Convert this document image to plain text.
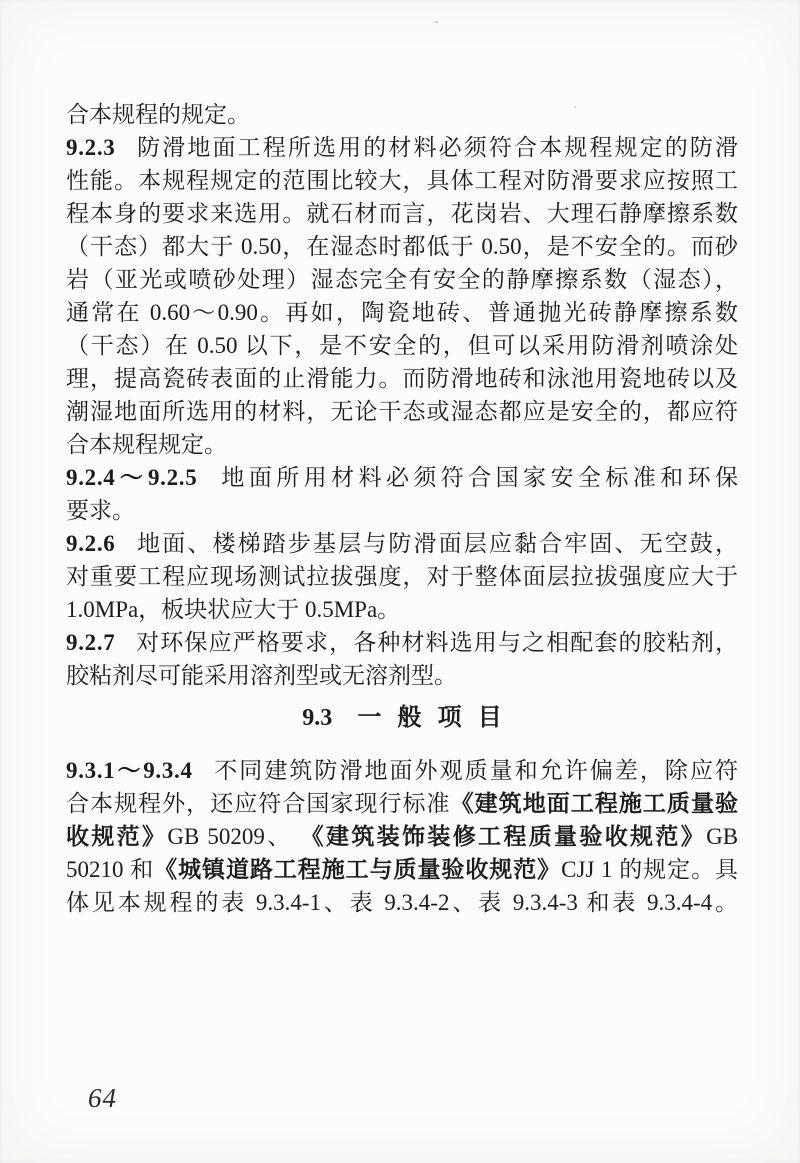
合本规程的规定。
9.2.3 防滑地面工程所选用的材料必须符合本规程规定的防滑
性能。本规程规定的范围比较大，具体工程对防滑要求应按照工
程本身的要求来选用。就石材而言，花岗岩、大理石静摩擦系数
（干态）都大于 0.50，在湿态时都低于 0.50，是不安全的。而砂
岩（亚光或喷砂处理）湿态完全有安全的静摩擦系数（湿态），
通常在 0.60～0.90。再如，陶瓷地砖、普通抛光砖静摩擦系数
（干态）在 0.50 以下，是不安全的，但可以采用防滑剂喷涂处
理，提高瓷砖表面的止滑能力。而防滑地砖和泳池用瓷地砖以及
潮湿地面所选用的材料，无论干态或湿态都应是安全的，都应符
合本规程规定。
9.2.4～9.2.5 地面所用材料必须符合国家安全标准和环保
要求。
9.2.6 地面、楼梯踏步基层与防滑面层应黏合牢固、无空鼓，
对重要工程应现场测试拉拔强度，对于整体面层拉拔强度应大于
1.0MPa，板块状应大于 0.5MPa。
9.2.7 对环保应严格要求，各种材料选用与之相配套的胶粘剂，
胶粘剂尽可能采用溶剂型或无溶剂型。
9.3 一 般 项 目
9.3.1～9.3.4 不同建筑防滑地面外观质量和允许偏差，除应符
合本规程外，还应符合国家现行标准《建筑地面工程施工质量验
收规范》GB 50209、 《建筑装饰装修工程质量验收规范》GB
50210 和《城镇道路工程施工与质量验收规范》CJJ 1 的规定。具
体见本规程的表 9.3.4-1、表 9.3.4-2、表 9.3.4-3 和表 9.3.4-4。
64
